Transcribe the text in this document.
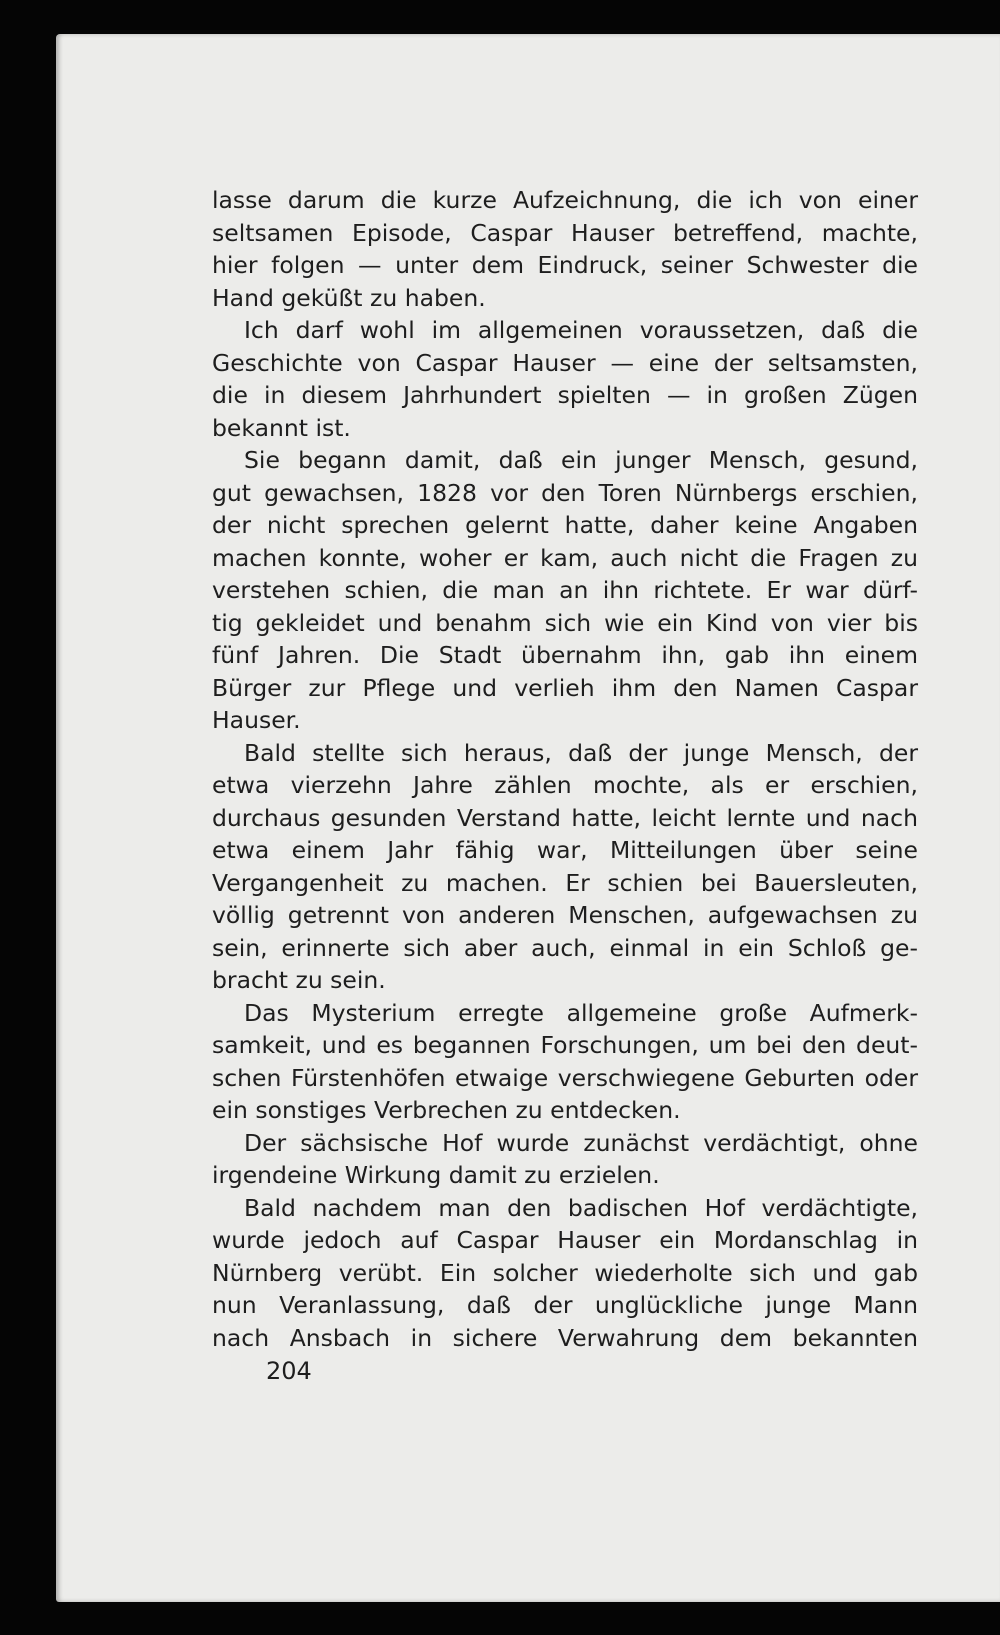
lasse darum die kurze Aufzeichnung, die ich von einer
seltsamen Episode, Caspar Hauser betreffend, machte,
hier folgen — unter dem Eindruck, seiner Schwester die
Hand geküßt zu haben.
Ich darf wohl im allgemeinen voraussetzen, daß die
Geschichte von Caspar Hauser — eine der seltsamsten,
die in diesem Jahrhundert spielten — in großen Zügen
bekannt ist.
Sie begann damit, daß ein junger Mensch, gesund,
gut gewachsen, 1828 vor den Toren Nürnbergs erschien,
der nicht sprechen gelernt hatte, daher keine Angaben
machen konnte, woher er kam, auch nicht die Fragen zu
verstehen schien, die man an ihn richtete. Er war dürf-
tig gekleidet und benahm sich wie ein Kind von vier bis
fünf Jahren. Die Stadt übernahm ihn, gab ihn einem
Bürger zur Pflege und verlieh ihm den Namen Caspar
Hauser.
Bald stellte sich heraus, daß der junge Mensch, der
etwa vierzehn Jahre zählen mochte, als er erschien,
durchaus gesunden Verstand hatte, leicht lernte und nach
etwa einem Jahr fähig war, Mitteilungen über seine
Vergangenheit zu machen. Er schien bei Bauersleuten,
völlig getrennt von anderen Menschen, aufgewachsen zu
sein, erinnerte sich aber auch, einmal in ein Schloß ge-
bracht zu sein.
Das Mysterium erregte allgemeine große Aufmerk-
samkeit, und es begannen Forschungen, um bei den deut-
schen Fürstenhöfen etwaige verschwiegene Geburten oder
ein sonstiges Verbrechen zu entdecken.
Der sächsische Hof wurde zunächst verdächtigt, ohne
irgendeine Wirkung damit zu erzielen.
Bald nachdem man den badischen Hof verdächtigte,
wurde jedoch auf Caspar Hauser ein Mordanschlag in
Nürnberg verübt. Ein solcher wiederholte sich und gab
nun Veranlassung, daß der unglückliche junge Mann
nach Ansbach in sichere Verwahrung dem bekannten
204
